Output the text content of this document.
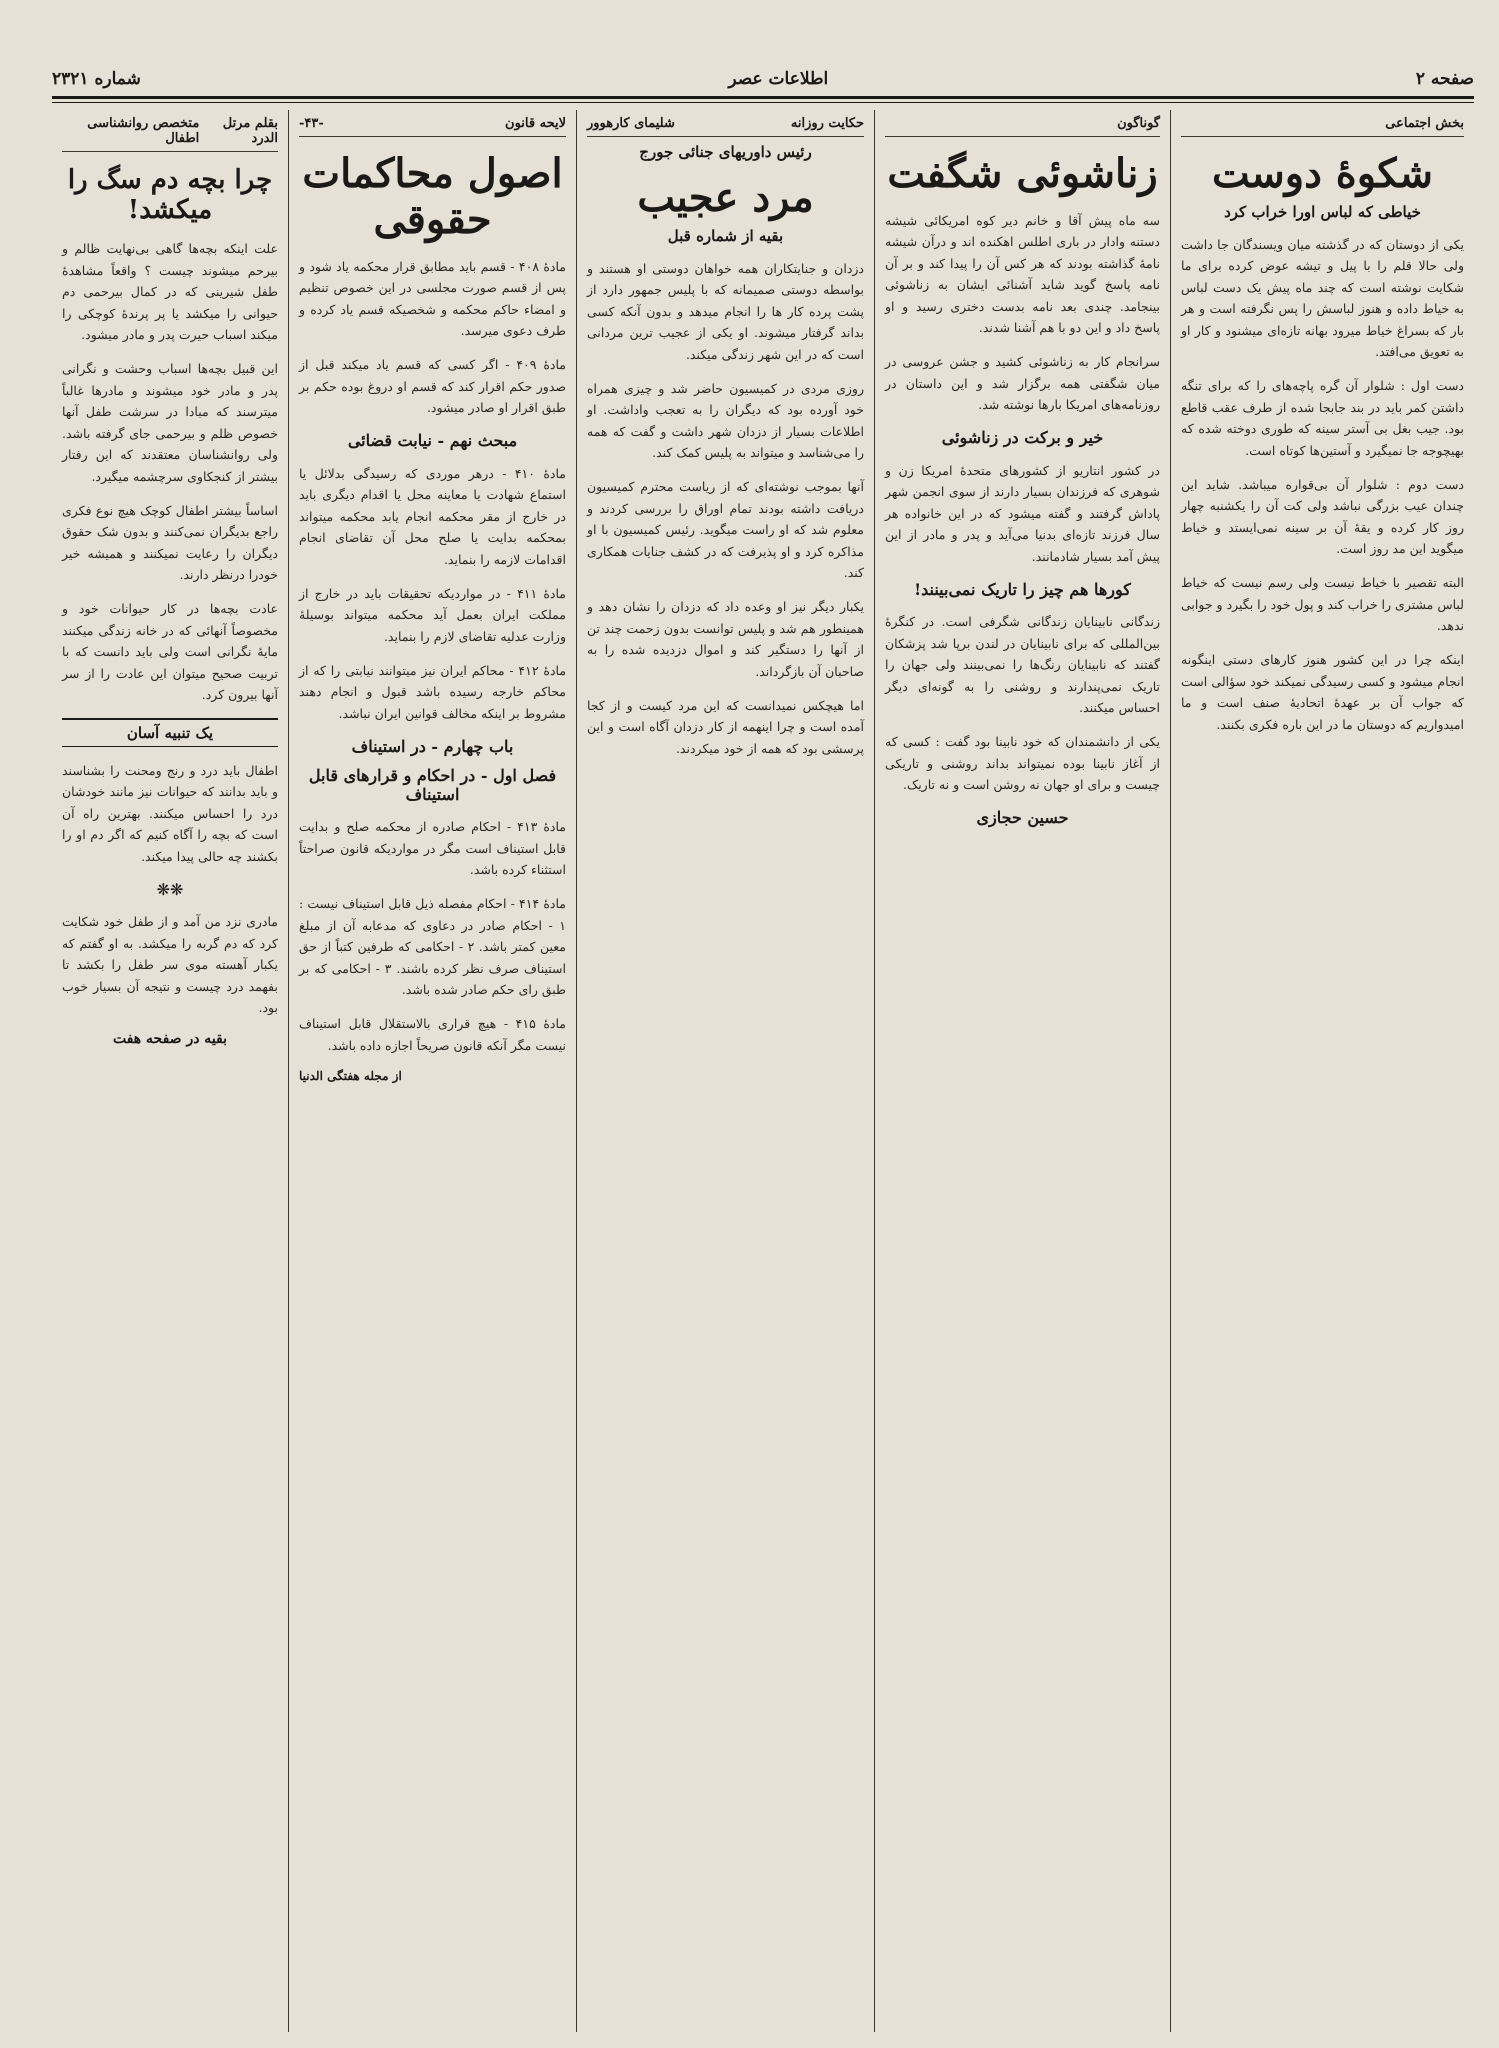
صفحه ۲
اطلاعات عصر
شماره ۲۳۲۱
بخش اجتماعی
شکوهٔ دوست
خیاطی که لباس اورا خراب کرد

یکی از دوستان که در گذشته میان ویسندگان جا داشت ولی حالا قلم را با پیل و تیشه عوض کرده برای ما شکایت نوشته است که چند ماه پیش یک دست لباس به خیاط داده و هنوز لباسش را پس نگرفته است و هر بار که بسراغ خیاط میرود بهانه تازه‌ای میشنود و کار او به تعویق می‌افتد.

دست اول : شلوار آن گره پاچه‌های را که برای تنگه داشتن کمر باید در بند جابجا شده از طرف عقب قاطع بود. جیب بغل بی آستر سینه که طوری دوخته شده که بهیچوجه جا نمیگیرد و آستین‌ها کوتاه است.

دست دوم : شلوار آن بی‌قواره میباشد. شاید این چندان عیب بزرگی نباشد ولی کت آن را یکشنبه چهار روز کار کرده و یقهٔ آن بر سینه نمی‌ایستد و خیاط میگوید این مد روز است.

البته تقصیر با خیاط نیست ولی رسم نیست که خیاط لباس مشتری را خراب کند و پول خود را بگیرد و جوابی ندهد.

اینکه چرا در این کشور هنوز کارهای دستی اینگونه انجام میشود و کسی رسیدگی نمیکند خود سؤالی است که جواب آن بر عهدهٔ اتحادیهٔ صنف است و ما امیدواریم که دوستان ما در این باره فکری بکنند.

گوناگون
زناشوئی شگفت

سه ماه پیش آقا و خانم دیر کوه امریکائی شیشه دستنه وادار در باری اطلس اهکنده اند و درآن شیشه نامهٔ گذاشته بودند که هر کس آن را پیدا کند و بر آن نامه پاسخ گوید شاید آشنائی ایشان به زناشوئی بینجامد. چندی بعد نامه بدست دختری رسید و او پاسخ داد و این دو با هم آشنا شدند.

سرانجام کار به زناشوئی کشید و جشن عروسی در میان شگفتی همه برگزار شد و این داستان در روزنامه‌های امریکا بارها نوشته شد.

خیر و برکت در زناشوئی

در کشور انتاریو از کشورهای متحدهٔ امریکا زن و شوهری که فرزندان بسیار دارند از سوی انجمن شهر پاداش گرفتند و گفته میشود که در این خانواده هر سال فرزند تازه‌ای بدنیا می‌آید و پدر و مادر از این پیش آمد بسیار شادمانند.

کورها هم چیز را تاریک نمی‌بینند!

زندگانی نابینایان زندگانی شگرفی است. در کنگرهٔ بین‌المللی که برای نابینایان در لندن برپا شد پزشکان گفتند که نابینایان رنگ‌ها را نمی‌بینند ولی جهان را تاریک نمی‌پندارند و روشنی را به گونه‌ای دیگر احساس میکنند.

یکی از دانشمندان که خود نابینا بود گفت : کسی که از آغاز نابینا بوده نمیتواند بداند روشنی و تاریکی چیست و برای او جهان نه روشن است و نه تاریک.

حسین حجازی
حکایت روزانه
شلیمای کارهوور
رئیس داوریهای جنائی جورج
مرد عجیب
بقیه از شماره قبل

دزدان و جنایتکاران همه خواهان دوستی او هستند و بواسطه دوستی صمیمانه که با پلیس جمهور دارد از پشت پرده کار ها را انجام میدهد و بدون آنکه کسی بداند گرفتار میشوند. او یکی از عجیب ترین مردانی است که در این شهر زندگی میکند.

روزی مردی در کمیسیون حاضر شد و چیزی همراه خود آورده بود که دیگران را به تعجب واداشت. او اطلاعات بسیار از دزدان شهر داشت و گفت که همه را می‌شناسد و میتواند به پلیس کمک کند.

آنها بموجب نوشته‌ای که از ریاست محترم کمیسیون دریافت داشته بودند تمام اوراق را بررسی کردند و معلوم شد که او راست میگوید. رئیس کمیسیون با او مذاکره کرد و او پذیرفت که در کشف جنایات همکاری کند.

یکبار دیگر نیز او وعده داد که دزدان را نشان دهد و همینطور هم شد و پلیس توانست بدون زحمت چند تن از آنها را دستگیر کند و اموال دزدیده شده را به صاحبان آن بازگرداند.

اما هیچکس نمیدانست که این مرد کیست و از کجا آمده است و چرا اینهمه از کار دزدان آگاه است و این پرسشی بود که همه از خود میکردند.

لایحه قانون
-۴۳-
اصول محاکمات حقوقی

مادهٔ ۴۰۸ - قسم باید مطابق قرار محکمه یاد شود و پس از قسم صورت مجلسی در این خصوص تنظیم و امضاء حاکم محکمه و شخصیکه قسم یاد کرده و طرف دعوی میرسد.

مادهٔ ۴۰۹ - اگر کسی که قسم یاد میکند قبل از صدور حکم اقرار کند که قسم او دروغ بوده حکم بر طبق اقرار او صادر میشود.

مبحث نهم - نیابت قضائی

مادهٔ ۴۱۰ - درهر موردی که رسیدگی بدلائل یا استماع شهادت یا معاینه محل یا اقدام دیگری باید در خارج از مقر محکمه انجام یابد محکمه میتواند بمحکمه بدایت یا صلح محل آن تقاضای انجام اقدامات لازمه را بنماید.

مادهٔ ۴۱۱ - در مواردیکه تحقیقات باید در خارج از مملکت ایران بعمل آید محکمه میتواند بوسیلهٔ وزارت عدلیه تقاضای لازم را بنماید.

مادهٔ ۴۱۲ - محاکم ایران نیز میتوانند نیابتی را که از محاکم خارجه رسیده باشد قبول و انجام دهند مشروط بر اینکه مخالف قوانین ایران نباشد.

باب چهارم - در استیناف
فصل اول - در احکام و قرارهای قابل استیناف

مادهٔ ۴۱۳ - احکام صادره از محکمه صلح و بدایت قابل استیناف است مگر در مواردیکه قانون صراحتاً استثناء کرده باشد.

مادهٔ ۴۱۴ - احکام مفصله ذیل قابل استیناف نیست : ۱ - احکام صادر در دعاوی که مدعابه آن از مبلغ معین کمتر باشد. ۲ - احکامی که طرفین کتباً از حق استیناف صرف نظر کرده باشند. ۳ - احکامی که بر طبق رای حکم صادر شده باشد.

مادهٔ ۴۱۵ - هیچ قراری بالاستقلال قابل استیناف نیست مگر آنکه قانون صریحاً اجازه داده باشد.

از مجله هفتگی الدنیا
بقلم مرتل الدرد
متخصص روانشناسی اطفال
چرا بچه دم سگ را میکشد!

علت اینکه بچه‌ها گاهی بی‌نهایت ظالم و بیرحم میشوند چیست ؟ واقعاً مشاهدهٔ طفل شیرینی که در کمال بیرحمی دم حیوانی را میکشد یا پر پرندهٔ کوچکی را میکند اسباب حیرت پدر و مادر میشود.

این قبیل بچه‌ها اسباب وحشت و نگرانی پدر و مادر خود میشوند و مادرها غالباً میترسند که مبادا در سرشت طفل آنها خصوص ظلم و بیرحمی جای گرفته باشد. ولی روانشناسان معتقدند که این رفتار بیشتر از کنجکاوی سرچشمه میگیرد.

اساساً بیشتر اطفال کوچک هیچ نوع فکری راجع بدیگران نمی‌کنند و بدون شک حقوق دیگران را رعایت نمیکنند و همیشه خیر خودرا درنظر دارند.

عادت بچه‌ها در کار حیوانات خود و مخصوصاً آنهائی که در خانه زندگی میکنند مایهٔ نگرانی است ولی باید دانست که با تربیت صحیح میتوان این عادت را از سر آنها بیرون کرد.

یک تنبیه آسان

اطفال باید درد و رنج ومحنت را بشناسند و باید بدانند که حیوانات نیز مانند خودشان درد را احساس میکنند. بهترین راه آن است که بچه را آگاه کنیم که اگر دم او را بکشند چه حالی پیدا میکند.

❋❋

مادری نزد من آمد و از طفل خود شکایت کرد که دم گربه را میکشد. به او گفتم که یکبار آهسته موی سر طفل را بکشد تا بفهمد درد چیست و نتیجه آن بسیار خوب بود.

بقیه در صفحه هفت
